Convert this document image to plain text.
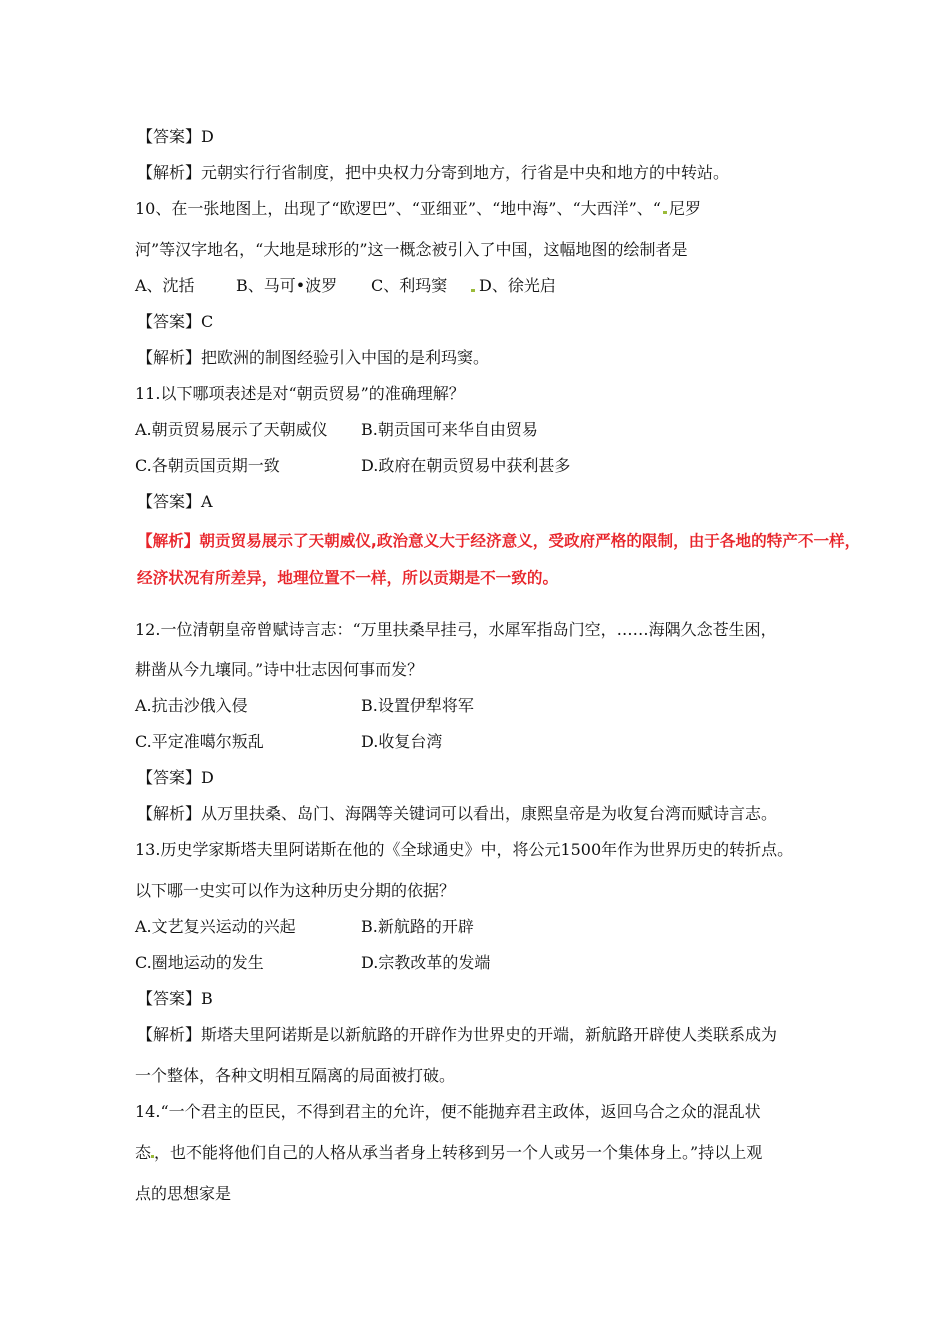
【答案】D
【解析】元朝实行行省制度，把中央权力分寄到地方，行省是中央和地方的中转站。
10、在一张地图上，出现了“欧逻巴”、“亚细亚”、“地中海”、“大西洋”、“ 尼罗
河”等汉字地名，“大地是球形的”这一概念被引入了中国，这幅地图的绘制者是
A、沈括	B、马可•波罗 C、利玛窦 D、徐光启
【答案】C
【解析】把欧洲的制图经验引入中国的是利玛窦。
11.以下哪项表述是对“朝贡贸易”的准确理解？
A.朝贡贸易展示了天朝威仪 B.朝贡国可来华自由贸易
C.各朝贡国贡期一致	D.政府在朝贡贸易中获利甚多
【答案】A
【解析】朝贡贸易展示了天朝威仪,政治意义大于经济意义，受政府严格的限制，由于各地的特产不一样，
经济状况有所差异，地理位置不一样，所以贡期是不一致的。
12.一位清朝皇帝曾赋诗言志：“万里扶桑早挂弓，水犀军指岛门空，……海隅久念苍生困，
耕凿从今九壤同。”诗中壮志因何事而发？
A.抗击沙俄入侵	B.设置伊犁将军
C.平定准噶尔叛乱	D.收复台湾
【答案】D
【解析】从万里扶桑、岛门、海隅等关键词可以看出，康熙皇帝是为收复台湾而赋诗言志。
13.历史学家斯塔夫里阿诺斯在他的《全球通史》中，将公元1500年作为世界历史的转折点。
以下哪一史实可以作为这种历史分期的依据？
A.文艺复兴运动的兴起	B.新航路的开辟
C.圈地运动的发生	D.宗教改革的发端
【答案】B
【解析】斯塔夫里阿诺斯是以新航路的开辟作为世界史的开端，新航路开辟使人类联系成为
一个整体，各种文明相互隔离的局面被打破。
14.“一个君主的臣民，不得到君主的允许，便不能抛弃君主政体，返回乌合之众的混乱状
态 ，也不能将他们自己的人格从承当者身上转移到另一个人或另一个集体身上。”持以上观
点的思想家是
